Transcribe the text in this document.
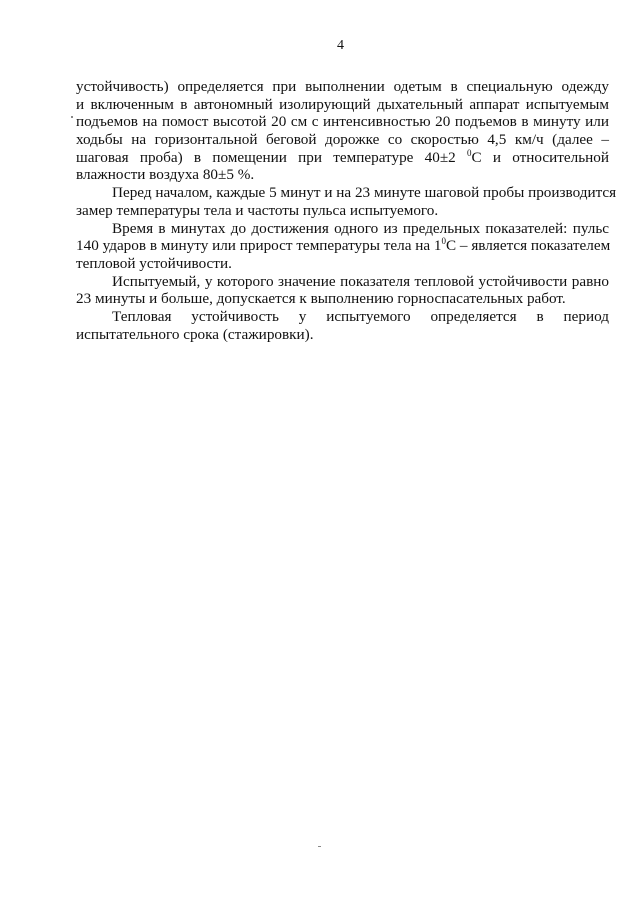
4
устойчивость) определяется при выполнении одетым в специальную одежду
и включенным в автономный изолирующий дыхательный аппарат испытуемым
подъемов на помост высотой 20 см с интенсивностью 20 подъемов в минуту или
ходьбы на горизонтальной беговой дорожке со скоростью 4,5 км/ч (далее –
шаговая проба) в помещении при температуре 40±2 $^0$С и относительной
влажности воздуха 80±5 %.
Перед началом, каждые 5 минут и на 23 минуте шаговой пробы производится
замер температуры тела и частоты пульса испытуемого.
Время в минутах до достижения одного из предельных показателей: пульс
140 ударов в минуту или прирост температуры тела на $1^0С$ – является показателем
тепловой устойчивости.
Испытуемый, у которого значение показателя тепловой устойчивости равно
23 минуты и больше, допускается к выполнению горноспасательных работ.
Тепловая устойчивость у испытуемого определяется в период
испытательного срока (стажировки).
